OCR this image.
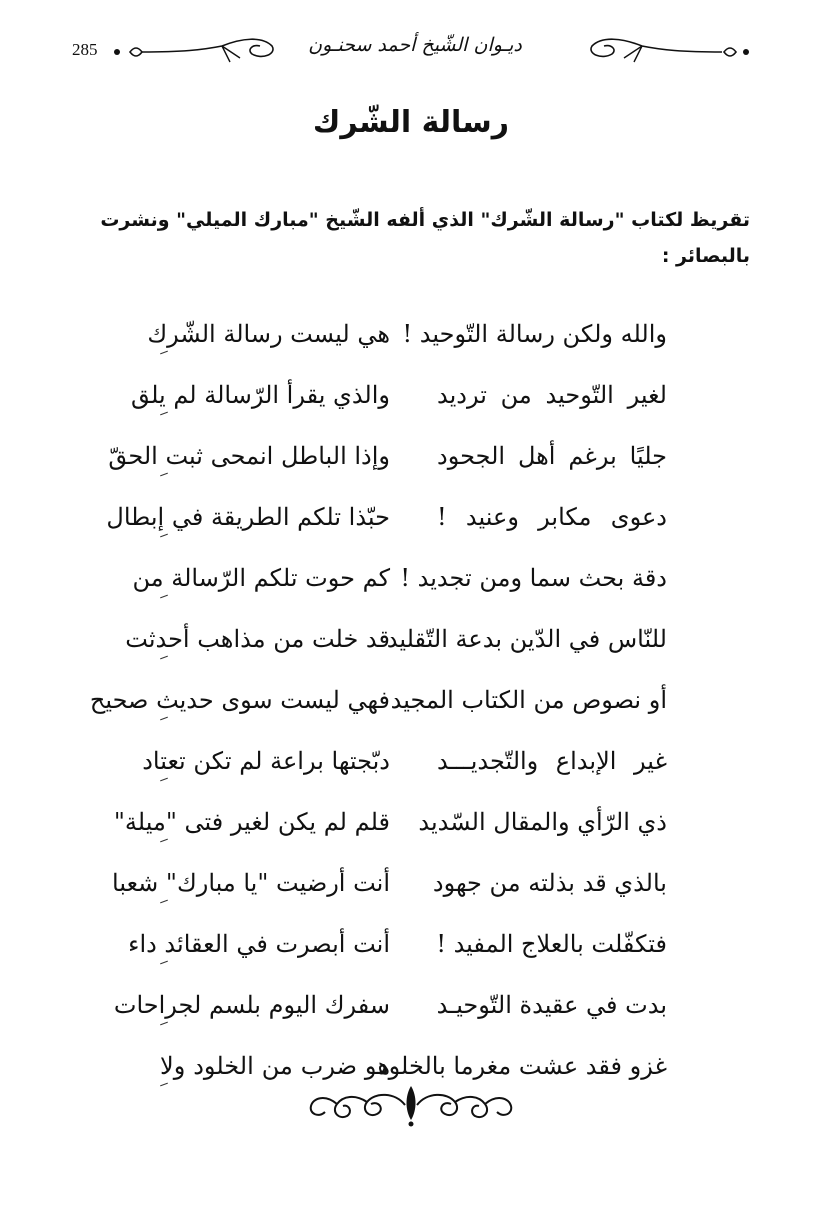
285	ديـوان الشّيخ أحمد سحنـون
رسالة الشّرك
تقريظ لكتاب "رسالة الشّرك" الذي ألفه الشّيخ "مبارك الميلي" ونشرت بالبصائر :
هي ليست رسالة الشّرك والله ولكن رسالة التّوحيد !
والذي يقرأ الرّسالة لم يلق لغير التّوحيد من ترديد
وإذا الباطل انمحى ثبت الحقّ جليًا برغم أهل الجحود
حبّذا تلكم الطريقة في إبطال دعوى مكابر وعنيد !
كم حوت تلكم الرّسالة من دقة بحث سما ومن تجديد !
قد خلت من مذاهب أحدثت
للنّاس في الدّين بدعة التّقليد
فهي ليست سوى حديث صحيح أو نصوص من الكتاب المجيد
دبّجتها براعة لم تكن تعتاد غير الإبداع والتّجديـــد
قلم لم يكن لغير فتى "ميلة" ذي الرّأي والمقال السّديد
أنت أرضيت "يا مبارك" شعبا بالذي قد بذلته من جهود
أنت أبصرت في العقائد داء فتكفّلت بالعلاج المفيد !
سفرك اليوم بلسم لجراحات بدت في عقيدة التّوحيـد
هو ضرب من الخلود ولا
غزو فقد عشت مغرما بالخلود
